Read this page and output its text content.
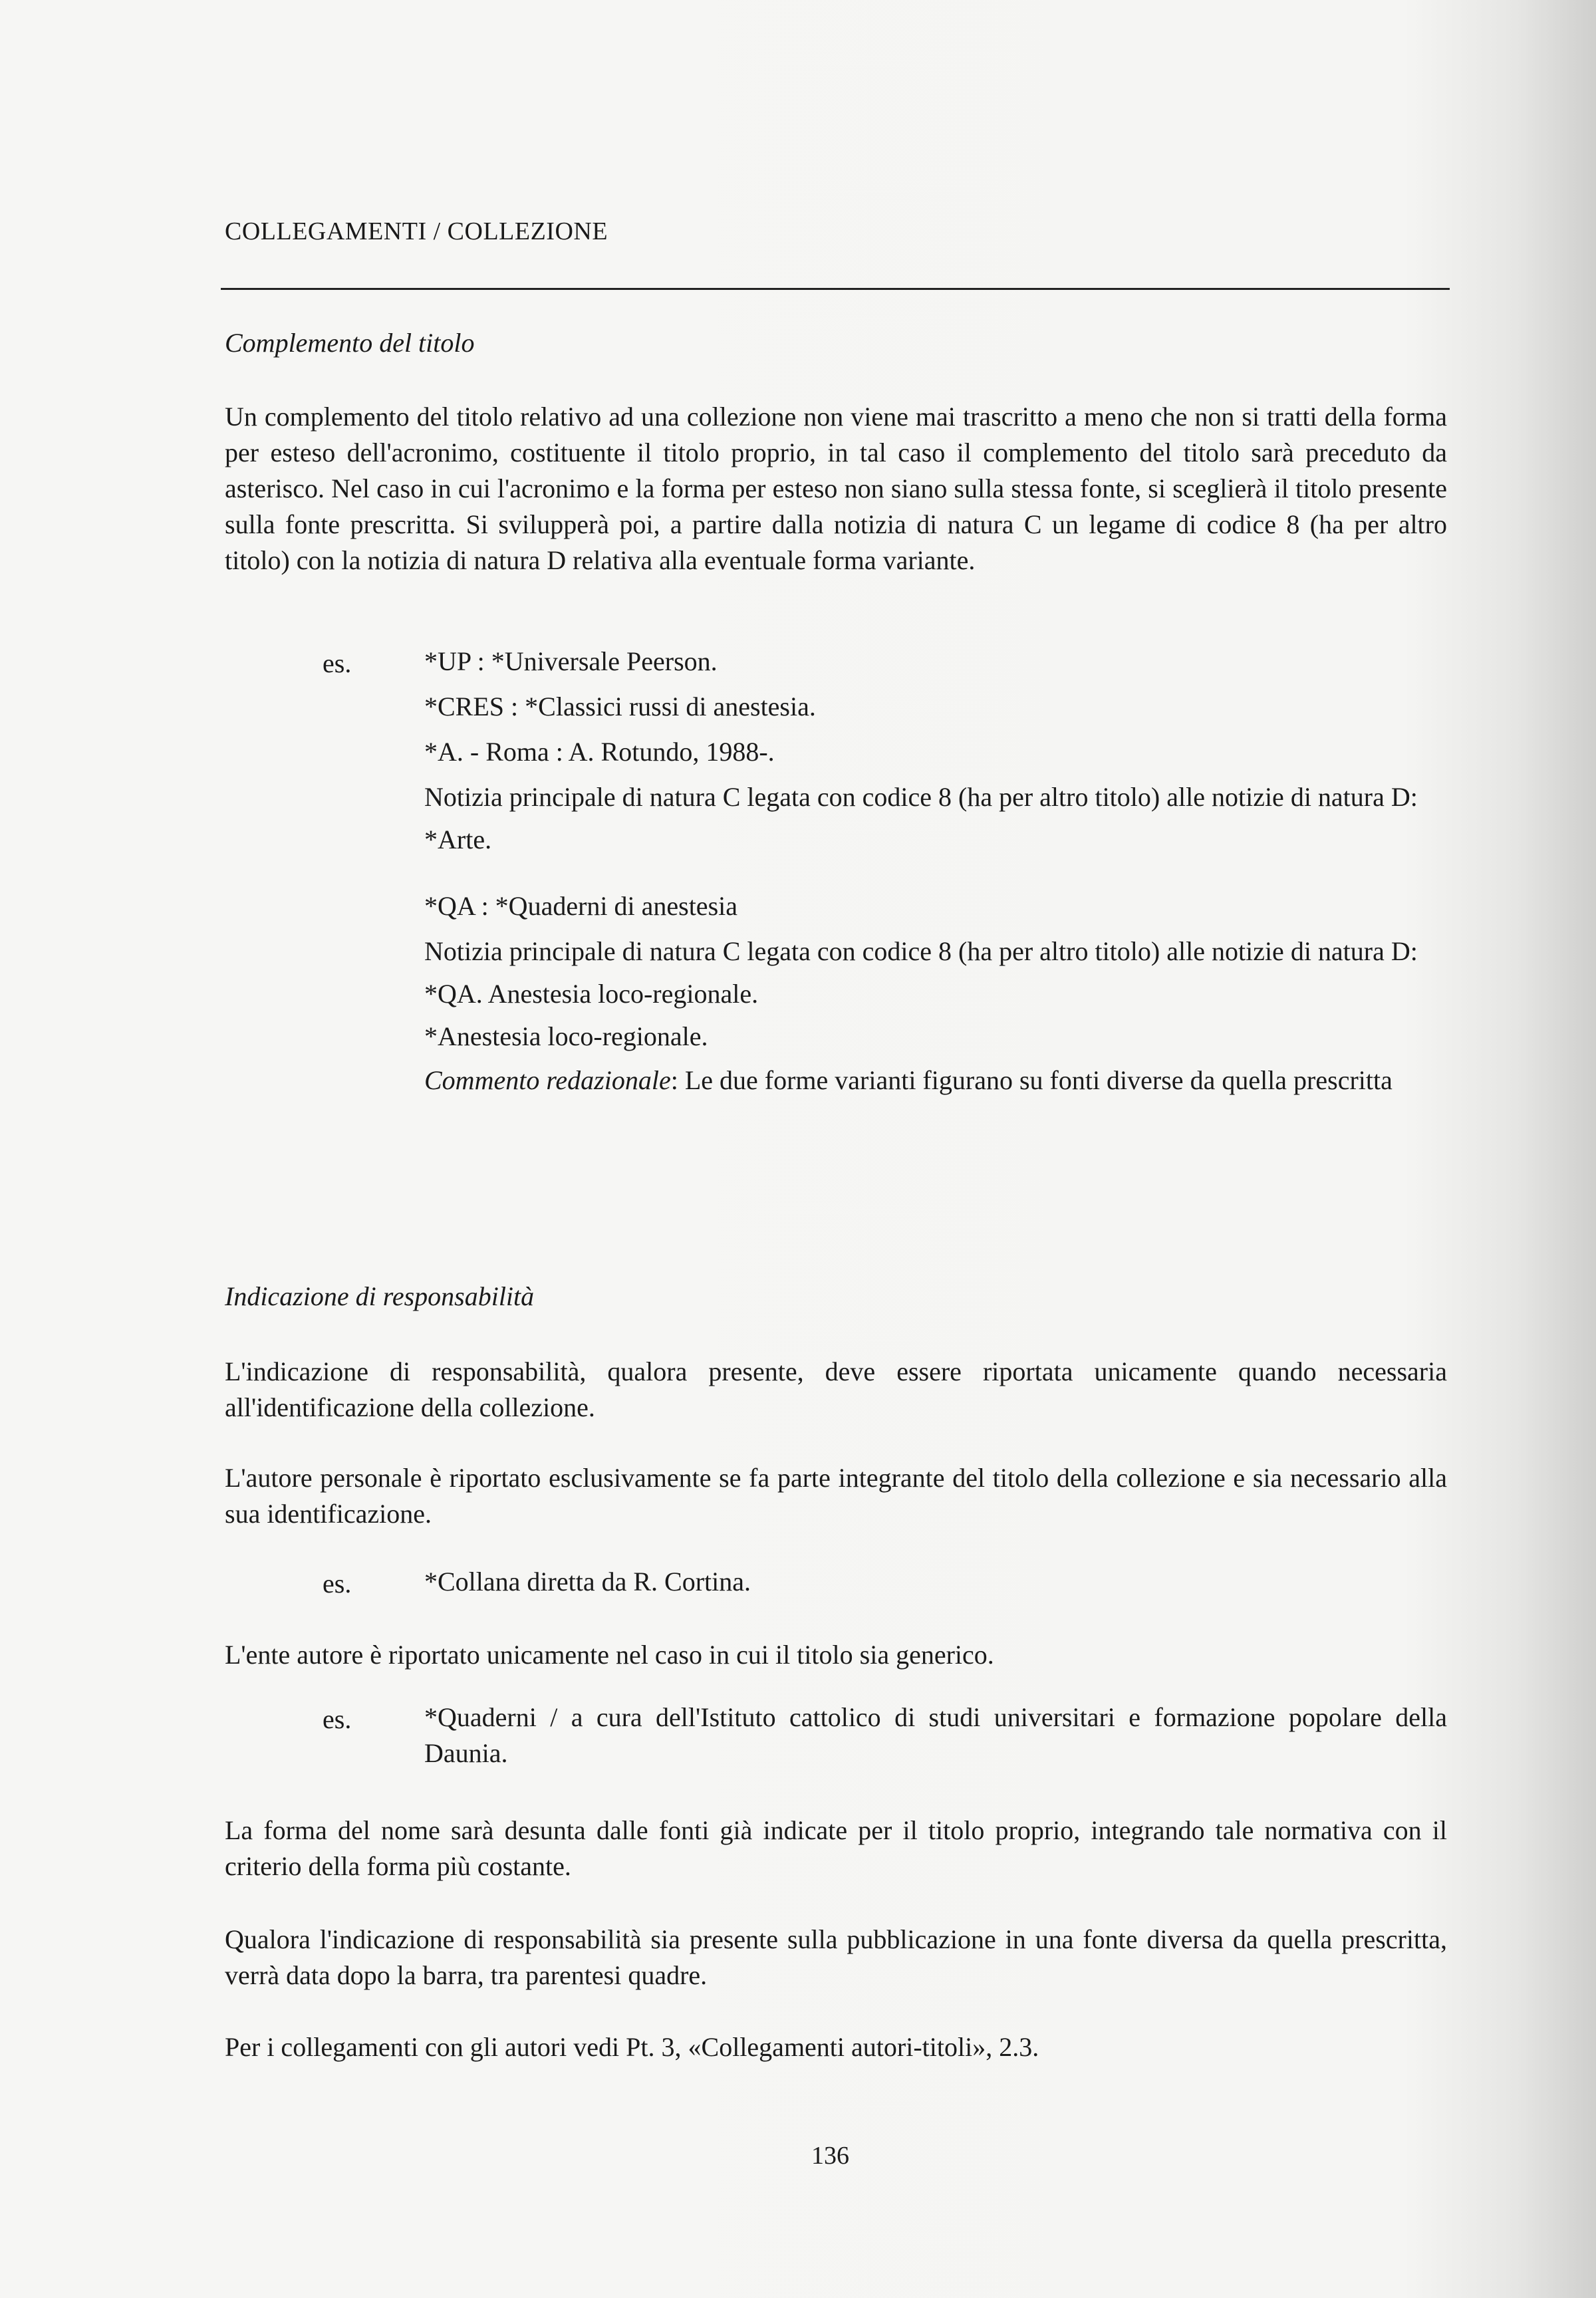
COLLEGAMENTI / COLLEZIONE
Complemento del titolo
Un complemento del titolo relativo ad una collezione non viene mai trascritto a meno che non si tratti della forma per esteso dell'acronimo, costituente il titolo proprio, in tal caso il complemento del titolo sarà preceduto da asterisco. Nel caso in cui l'acronimo e la forma per esteso non siano sulla stessa fonte, si sceglierà il titolo presente sulla fonte prescritta. Si svilupperà poi, a partire dalla notizia di natura C un legame di codice 8 (ha per altro titolo) con la notizia di natura D relativa alla eventuale forma variante.
es.	*UP : *Universale Peerson.
*CRES : *Classici russi di anestesia.
*A. - Roma : A. Rotundo, 1988-.
Notizia principale di natura C legata con codice 8 (ha per altro titolo) alle notizie di natura D:
*Arte.
*QA : *Quaderni di anestesia
Notizia principale di natura C legata con codice 8 (ha per altro titolo) alle notizie di natura D:
*QA. Anestesia loco-regionale.
*Anestesia loco-regionale.
Commento redazionale: Le due forme varianti figurano su fonti diverse da quella prescritta
Indicazione di responsabilità
L'indicazione di responsabilità, qualora presente, deve essere riportata unicamente quando necessaria all'identificazione della collezione.
L'autore personale è riportato esclusivamente se fa parte integrante del titolo della collezione e sia necessario alla sua identificazione.
es.	*Collana diretta da R. Cortina.
L'ente autore è riportato unicamente nel caso in cui il titolo sia generico.
es.	*Quaderni / a cura dell'Istituto cattolico di studi universitari e formazione popolare della Daunia.
La forma del nome sarà desunta dalle fonti già indicate per il titolo proprio, integrando tale normativa con il criterio della forma più costante.
Qualora l'indicazione di responsabilità sia presente sulla pubblicazione in una fonte diversa da quella prescritta, verrà data dopo la barra, tra parentesi quadre.
Per i collegamenti con gli autori vedi Pt. 3, «Collegamenti autori-titoli», 2.3.
136
